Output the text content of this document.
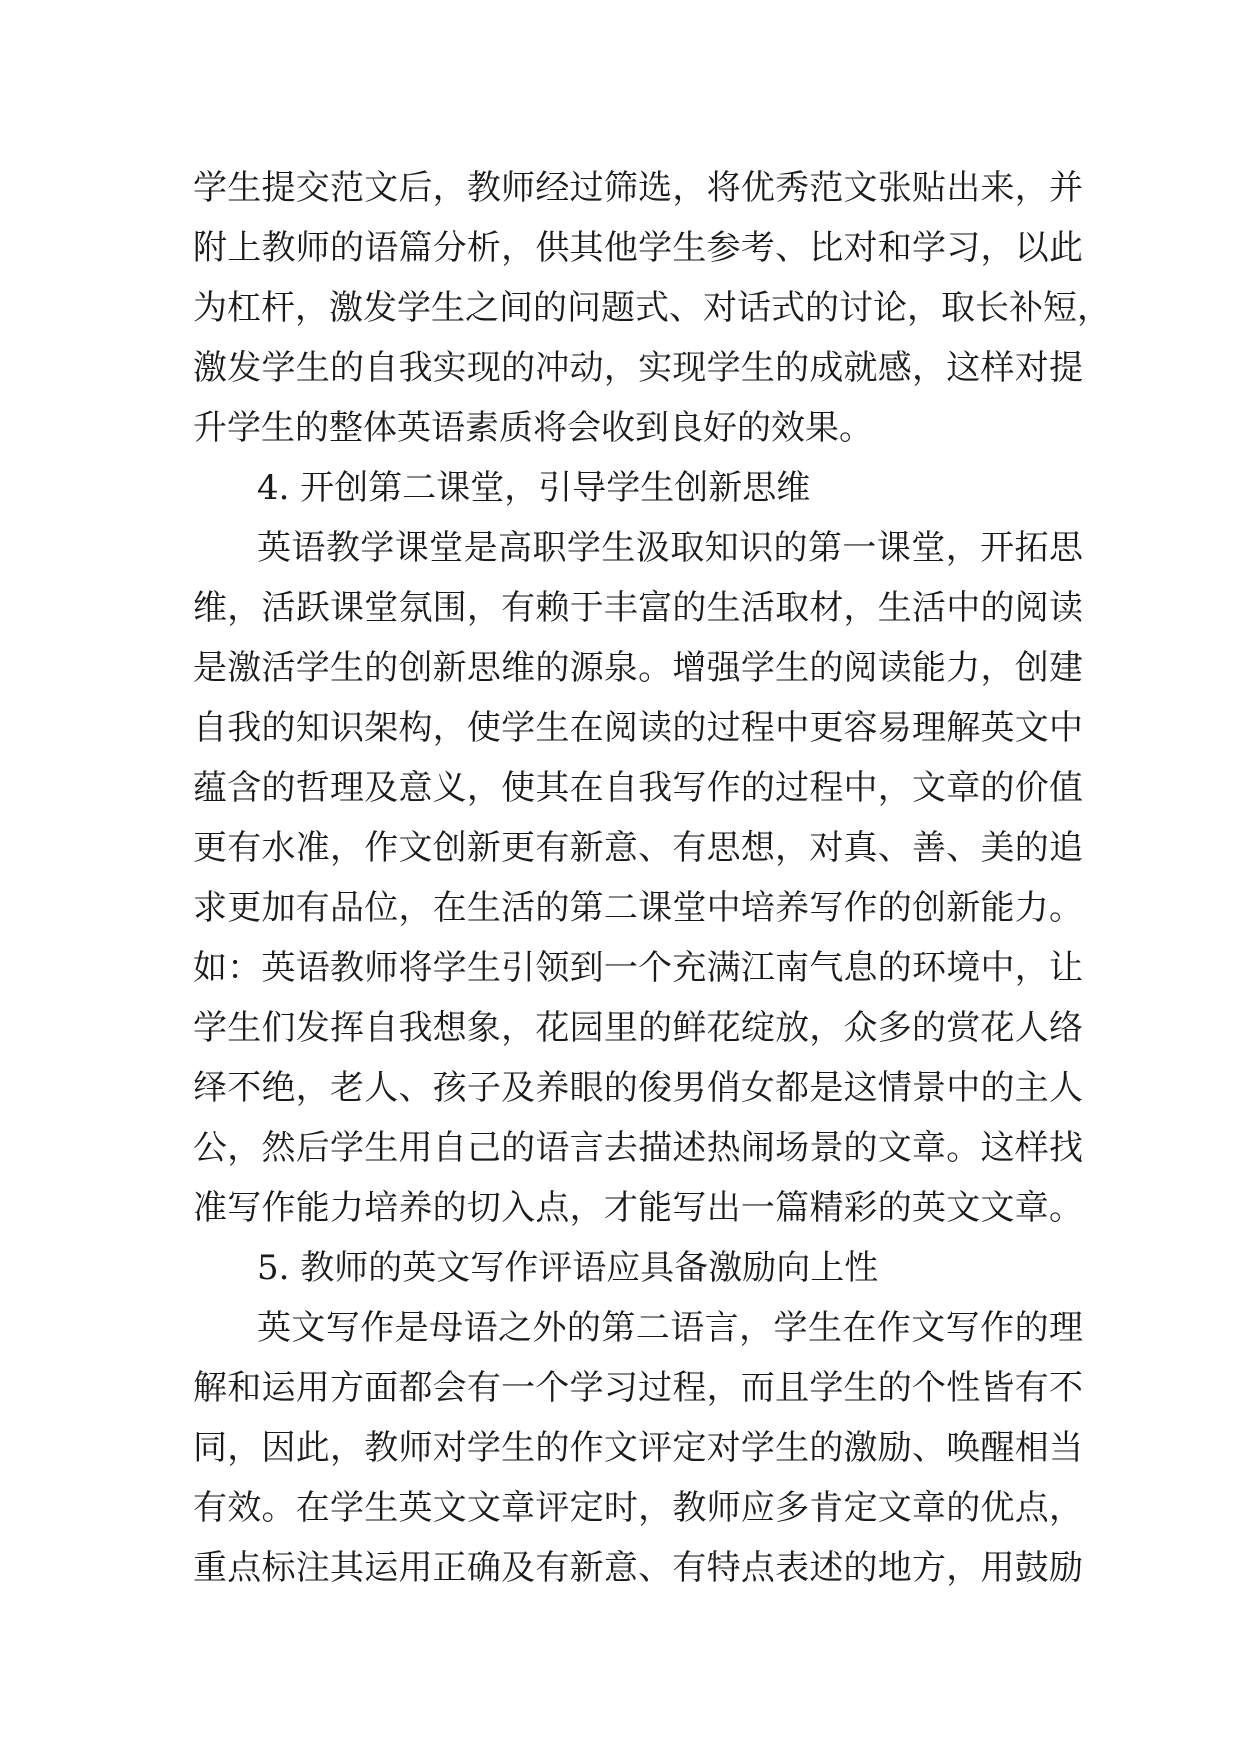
学生提交范文后，教师经过筛选，将优秀范文张贴出来，并
附上教师的语篇分析，供其他学生参考、比对和学习，以此
为杠杆，激发学生之间的问题式、对话式的讨论，取长补短，
激发学生的自我实现的冲动，实现学生的成就感，这样对提
升学生的整体英语素质将会收到良好的效果。
4. 开创第二课堂，引导学生创新思维
英语教学课堂是高职学生汲取知识的第一课堂，开拓思
维，活跃课堂氛围，有赖于丰富的生活取材，生活中的阅读
是激活学生的创新思维的源泉。增强学生的阅读能力，创建
自我的知识架构，使学生在阅读的过程中更容易理解英文中
蕴含的哲理及意义，使其在自我写作的过程中，文章的价值
更有水准，作文创新更有新意、有思想，对真、善、美的追
求更加有品位，在生活的第二课堂中培养写作的创新能力。
如：英语教师将学生引领到一个充满江南气息的环境中，让
学生们发挥自我想象，花园里的鲜花绽放，众多的赏花人络
绎不绝，老人、孩子及养眼的俊男俏女都是这情景中的主人
公，然后学生用自己的语言去描述热闹场景的文章。这样找
准写作能力培养的切入点，才能写出一篇精彩的英文文章。
5. 教师的英文写作评语应具备激励向上性
英文写作是母语之外的第二语言，学生在作文写作的理
解和运用方面都会有一个学习过程，而且学生的个性皆有不
同，因此，教师对学生的作文评定对学生的激励、唤醒相当
有效。在学生英文文章评定时，教师应多肯定文章的优点，
重点标注其运用正确及有新意、有特点表述的地方，用鼓励
